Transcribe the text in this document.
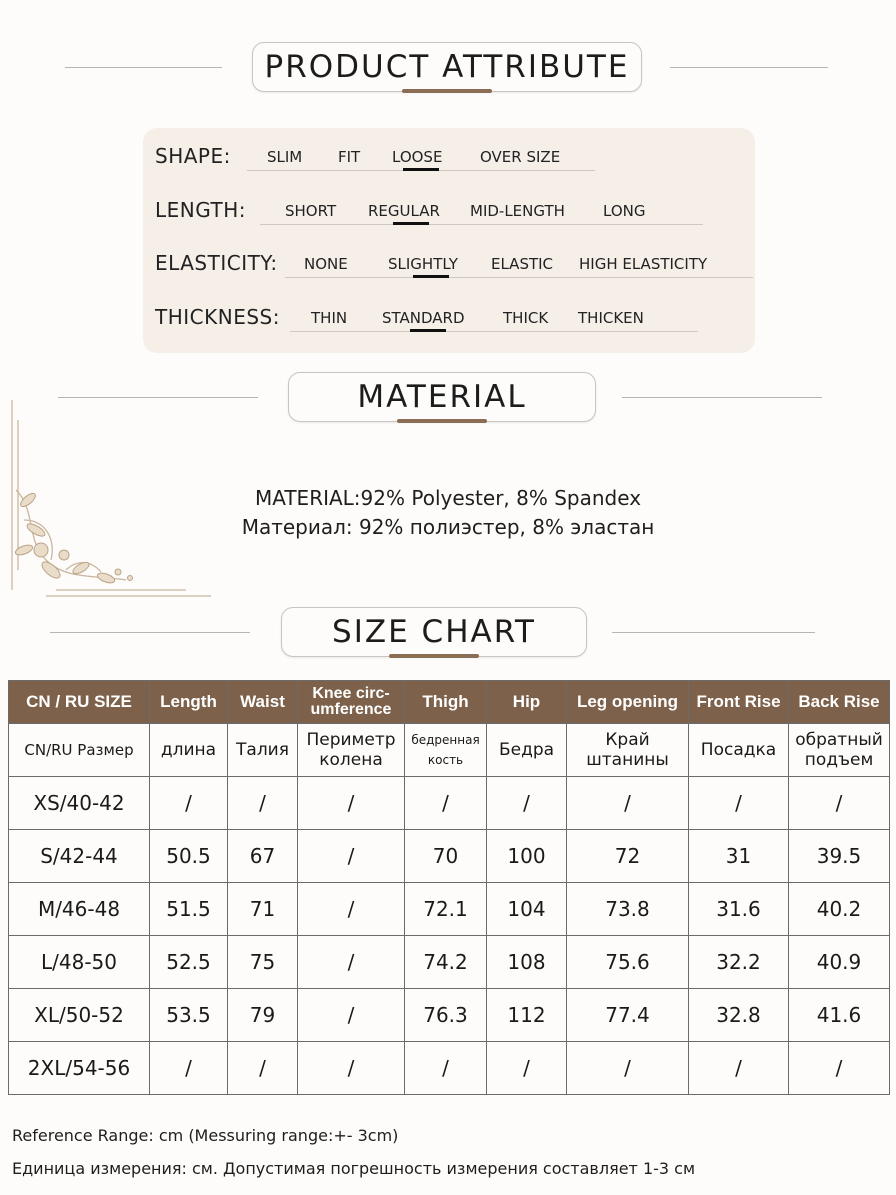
PRODUCT ATTRIBUTE
SHAPE: SLIM FIT LOOSE	OVER SIZE
LENGTH:	SHORT REGULAR MID-LENGTH	LONG
ELASTICITY: NONE	SLIGHTLY ELASTIC HIGH ELASTICITY
THICKNESS: THIN STANDARD	THICK THICKEN
MATERIAL
MATERIAL:92% Polyester, 8% Spandex
Материал: 92% полиэстер, 8% эластан
SIZE CHART
CN / RU SIZE	Length	Waist	Knee circ-umference	Thigh	Hip	Leg opening	Front Rise	Back Rise
CN/RU Размер	длина	Талия	Периметр колена	бедренная кость	Бедра	Край штанины	Посадка	обратный подъем
XS/40-42	/	/	/	/	/	/	/	/
S/42-44	50.5	67	/	70	100	72	31	39.5
M/46-48	51.5	71	/	72.1	104	73.8	31.6	40.2
L/48-50	52.5	75	/	74.2	108	75.6	32.2	40.9
XL/50-52	53.5	79	/	76.3	112	77.4	32.8	41.6
2XL/54-56	/	/	/	/	/	/	/	/
Reference Range: cm (Messuring range:+- 3cm)
Единица измерения: см. Допустимая погрешность измерения составляет 1-3 см
